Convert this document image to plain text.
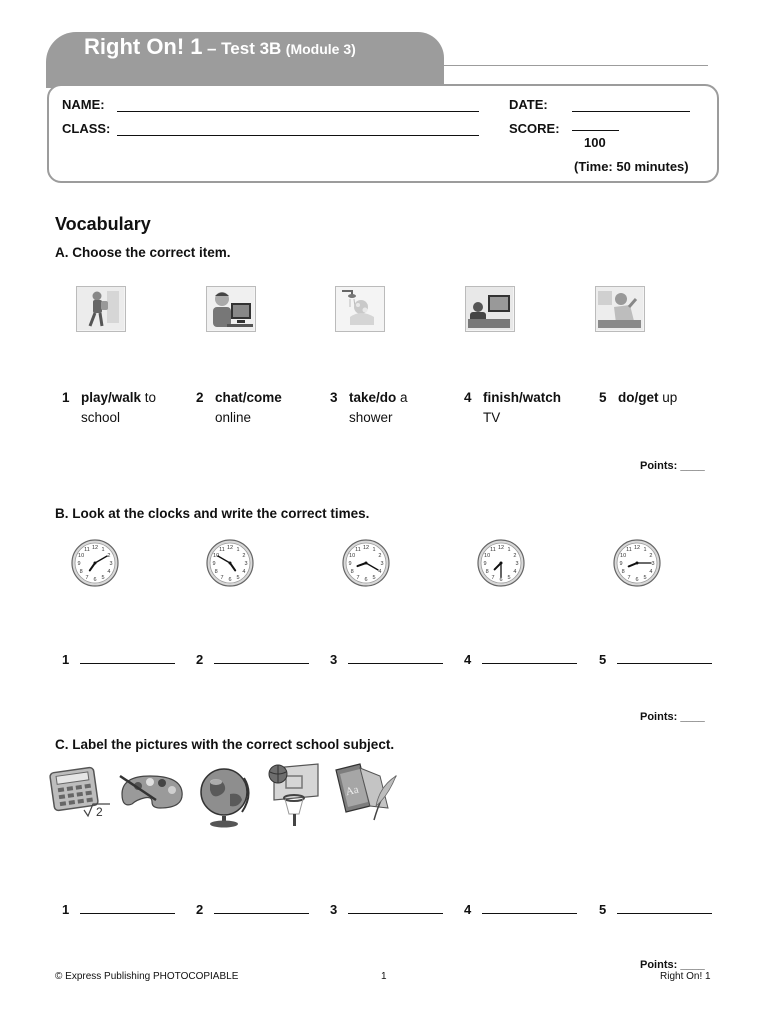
Right On! 1 – Test 3B (Module 3)
NAME:
CLASS:
DATE:
SCORE:
100
(Time: 50 minutes)
Vocabulary
A. Choose the correct item.
1 play/walk to school
2 chat/come online
3 take/do a shower
4 finish/watch TV
5 do/get up
Points: ____
B. Look at the clocks and write the correct times.
1
2
3
4
5
6
7
8
9
10
11 12	1
2
3
4
5
6
7
8
9
10
11 12	1
2
3
4
5
6
7
8
9
10
11 12	1
2
3
4
5
6
7
8
9
10
11 12	1
2
3
4
5
6
7
8
9
10
11 12
1	2	3	4	5
Points: ____
C. Label the pictures with the correct school subject.
2
Aa
1	2	3	4	5
Points: ____
© Express Publishing PHOTOCOPIABLE	1	Right On! 1
